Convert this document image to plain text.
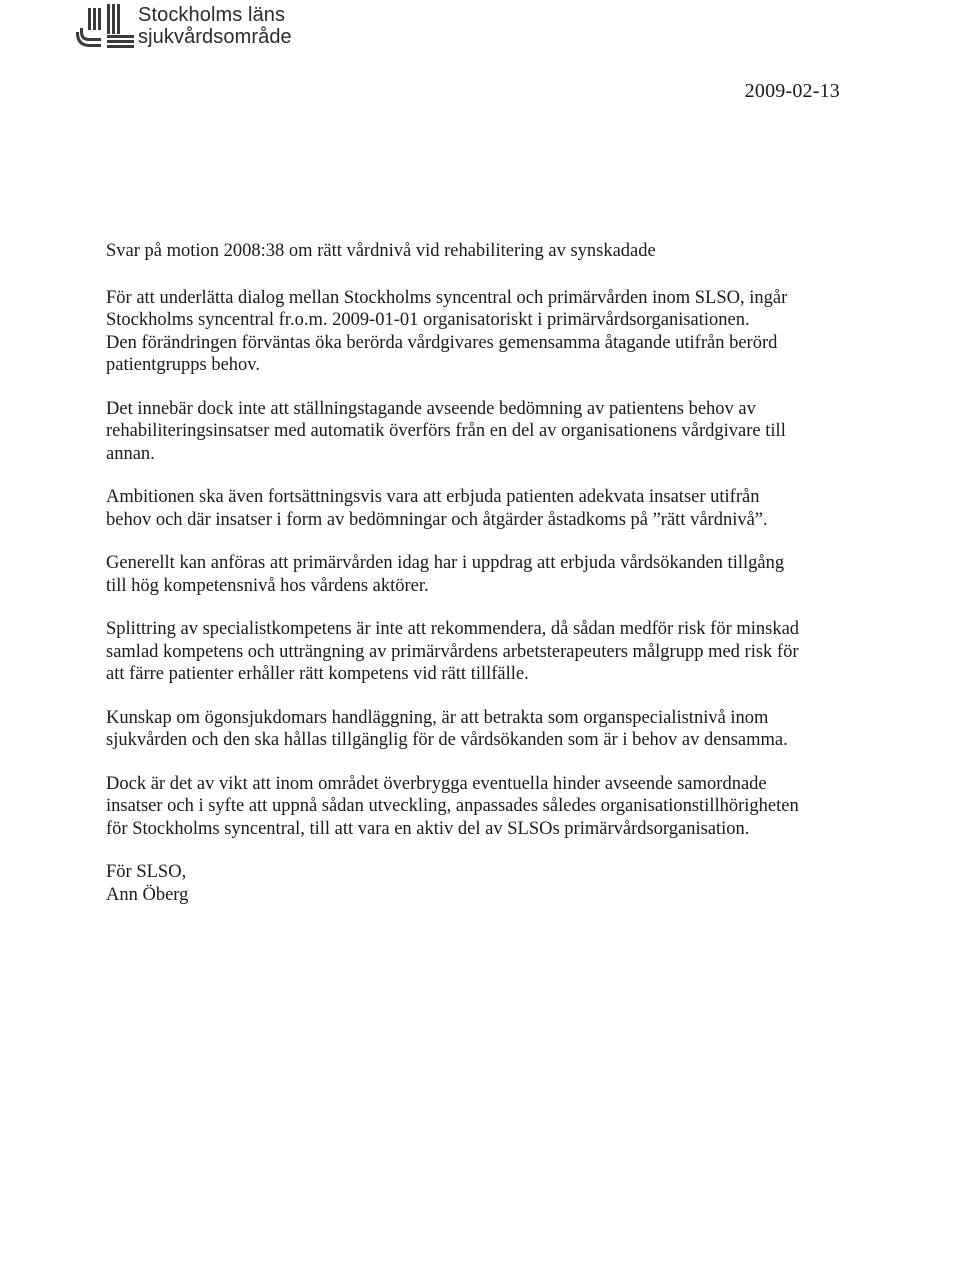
Stockholms läns
sjukvårdsområde
2009-02-13
Svar på motion 2008:38 om rätt vårdnivå vid rehabilitering av synskadade
För att underlätta dialog mellan Stockholms syncentral och primärvården inom SLSO, ingår
Stockholms syncentral fr.o.m. 2009-01-01 organisatoriskt i primärvårdsorganisationen.
Den förändringen förväntas öka berörda vårdgivares gemensamma åtagande utifrån berörd
patientgrupps behov.
Det innebär dock inte att ställningstagande avseende bedömning av patientens behov av
rehabiliteringsinsatser med automatik överförs från en del av organisationens vårdgivare till
annan.
Ambitionen ska även fortsättningsvis vara att erbjuda patienten adekvata insatser utifrån
behov och där insatser i form av bedömningar och åtgärder åstadkoms på ”rätt vårdnivå”.
Generellt kan anföras att primärvården idag har i uppdrag att erbjuda vårdsökanden tillgång
till hög kompetensnivå hos vårdens aktörer.
Splittring av specialistkompetens är inte att rekommendera, då sådan medför risk för minskad
samlad kompetens och utträngning av primärvårdens arbetsterapeuters målgrupp med risk för
att färre patienter erhåller rätt kompetens vid rätt tillfälle.
Kunskap om ögonsjukdomars handläggning, är att betrakta som organspecialistnivå inom
sjukvården och den ska hållas tillgänglig för de vårdsökanden som är i behov av densamma.
Dock är det av vikt att inom området överbrygga eventuella hinder avseende samordnade
insatser och i syfte att uppnå sådan utveckling, anpassades således organisationstillhörigheten
för Stockholms syncentral, till att vara en aktiv del av SLSOs primärvårdsorganisation.
För SLSO,
Ann Öberg
